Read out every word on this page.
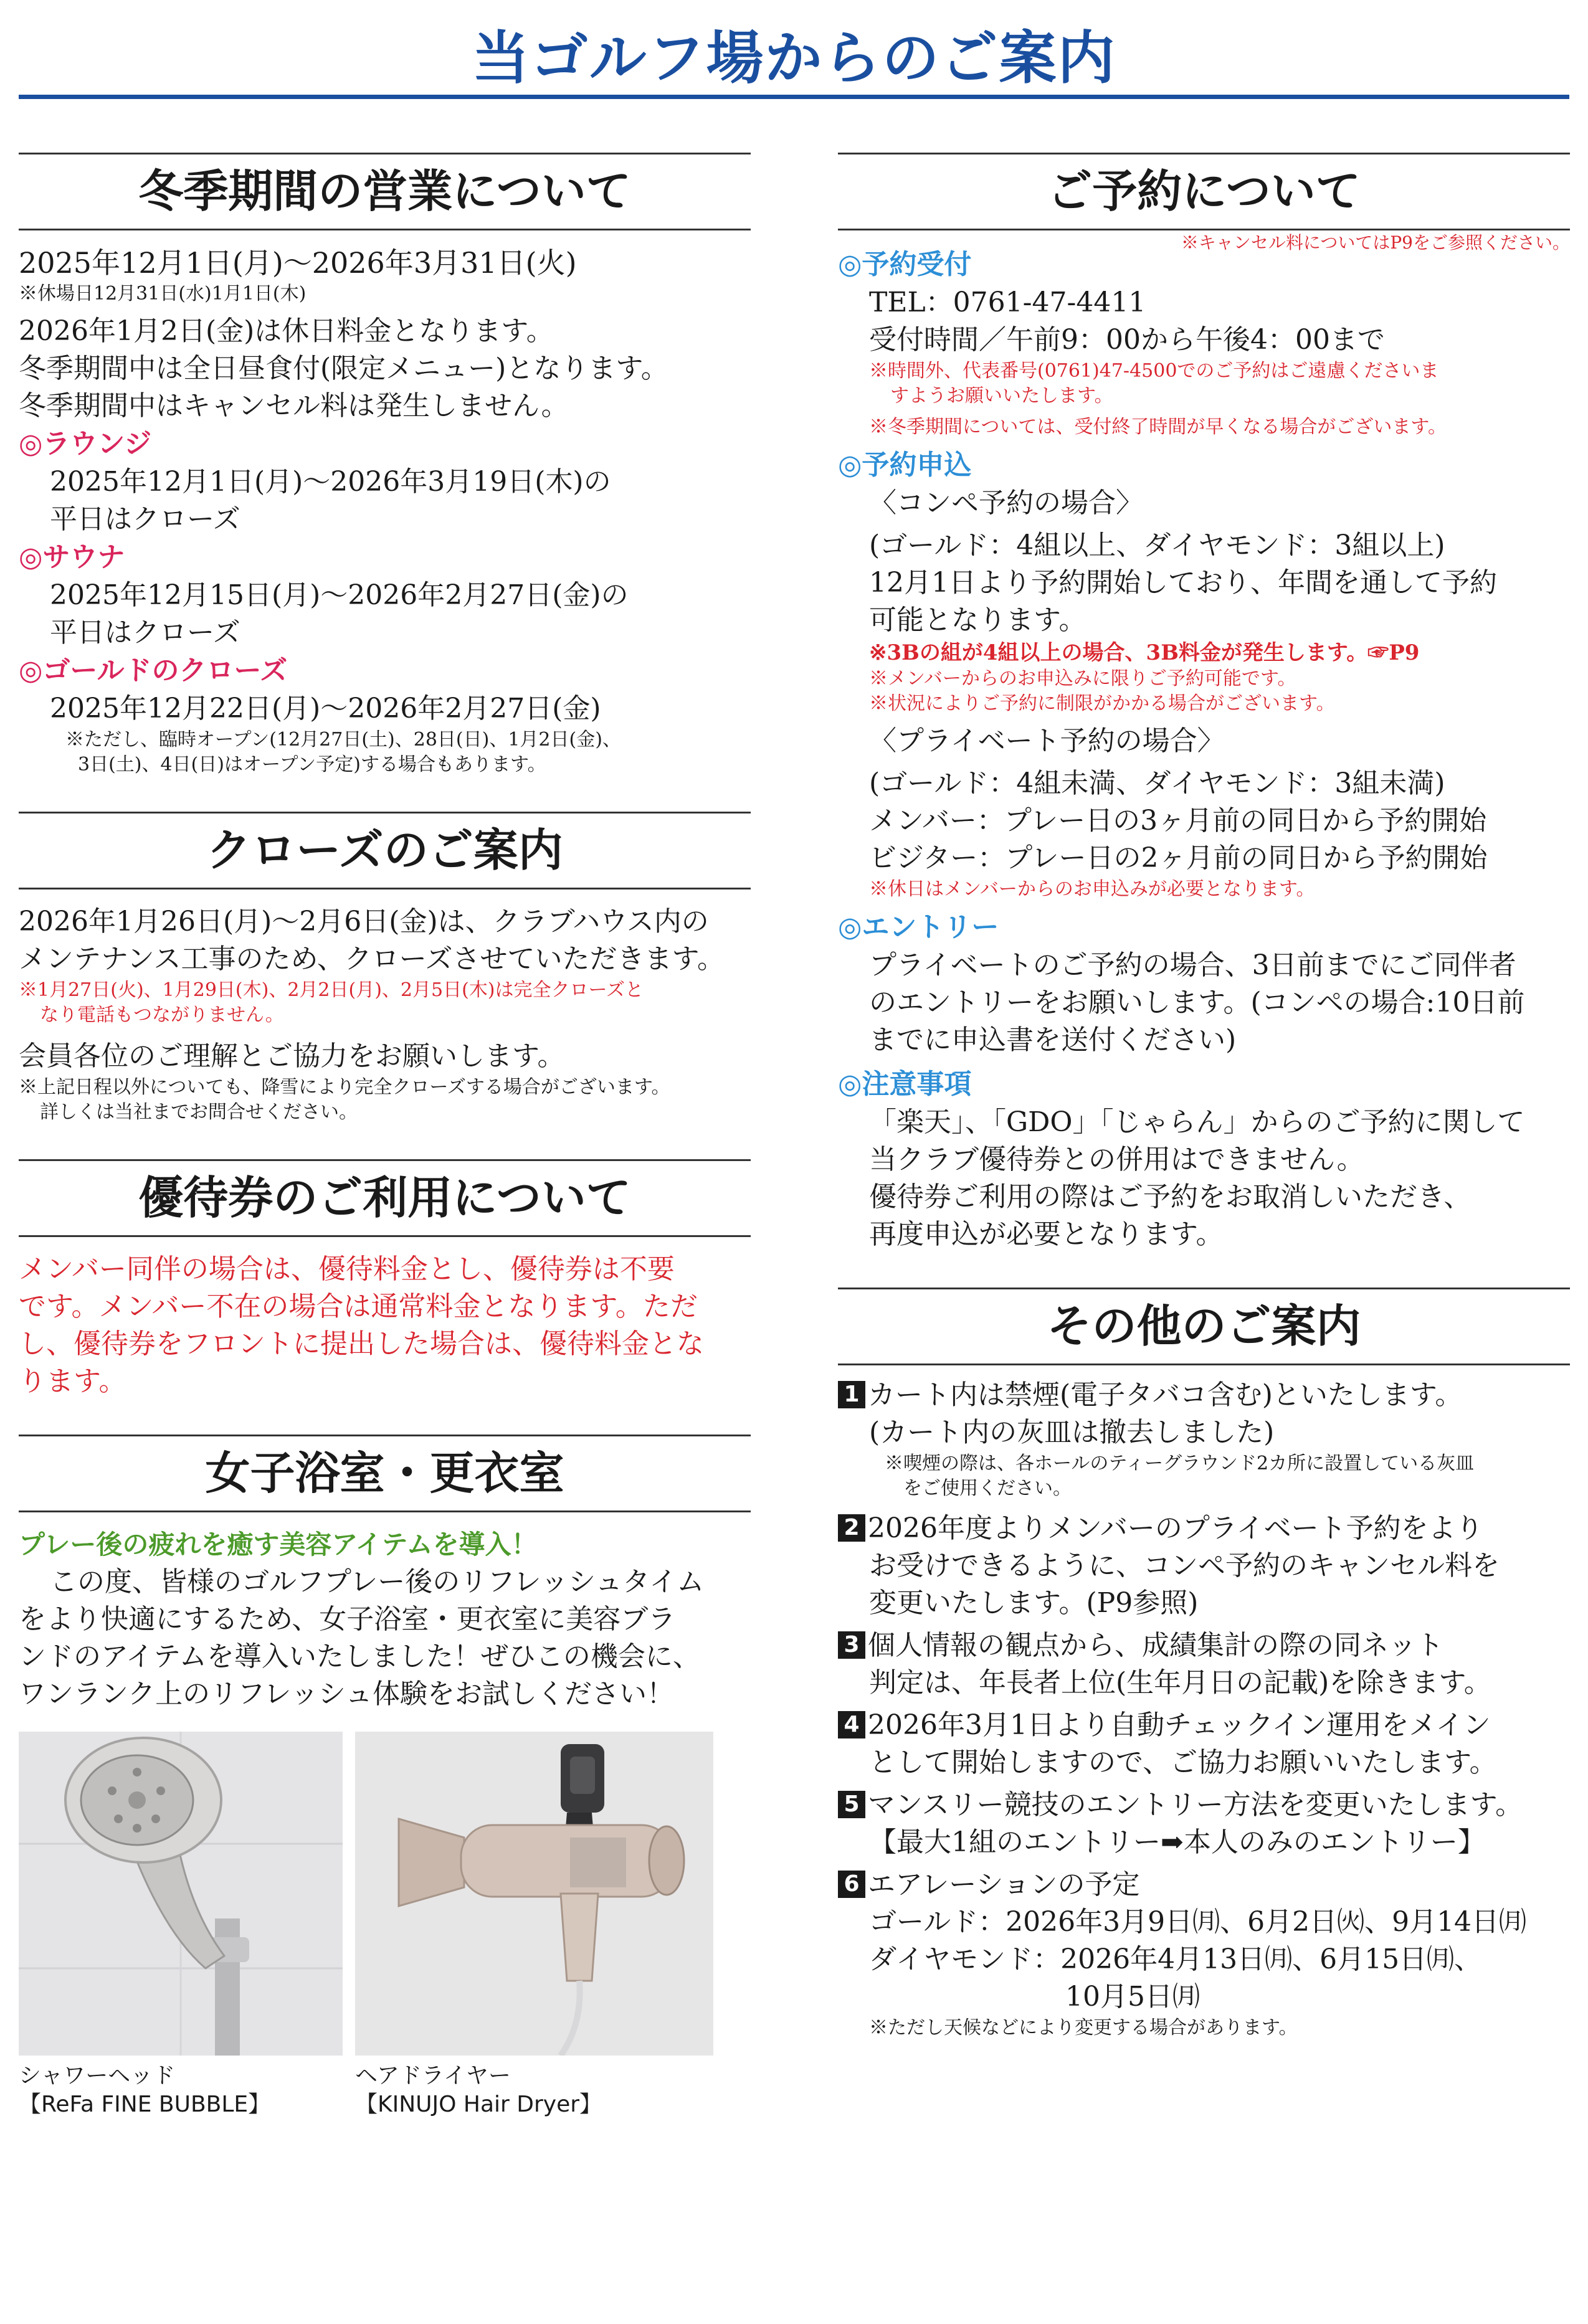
当ゴルフ場からのご案内
冬季期間の営業について
2025年12月1日(月)〜2026年3月31日(火)
※休場日12月31日(水)1月1日(木)
2026年1月2日(金)は休日料金となります。
冬季期間中は全日昼食付(限定メニュー)となります。
冬季期間中はキャンセル料は発生しません。
◎ラウンジ
2025年12月1日(月)〜2026年3月19日(木)の
平日はクローズ
◎サウナ
2025年12月15日(月)〜2026年2月27日(金)の
平日はクローズ
◎ゴールドのクローズ
2025年12月22日(月)〜2026年2月27日(金)
※ただし、臨時オープン(12月27日(土)、28日(日)、1月2日(金)、
3日(土)、4日(日)はオープン予定)する場合もあります。
クローズのご案内
2026年1月26日(月)〜2月6日(金)は、クラブハウス内の
メンテナンス工事のため、クローズさせていただきます。
※1月27日(火)、1月29日(木)、2月2日(月)、2月5日(木)は完全クローズと
なり電話もつながりません。
会員各位のご理解とご協力をお願いします。
※上記日程以外についても、降雪により完全クローズする場合がございます。
詳しくは当社までお問合せください。
優待券のご利用について
メンバー同伴の場合は、優待料金とし、優待券は不要
です。メンバー不在の場合は通常料金となります。ただ
し、優待券をフロントに提出した場合は、優待料金とな
ります。
女子浴室・更衣室
プレー後の疲れを癒す美容アイテムを導入！
この度、皆様のゴルフプレー後のリフレッシュタイム
をより快適にするため、女子浴室・更衣室に美容ブラ
ンドのアイテムを導入いたしました！ぜひこの機会に、
ワンランク上のリフレッシュ体験をお試しください！
シャワーヘッド
【ReFa FINE BUBBLE】
ヘアドライヤー
【KINUJO Hair Dryer】
ご予約について
※キャンセル料についてはP9をご参照ください。
◎予約受付
TEL：0761-47-4411
受付時間／午前9：00から午後4：00まで
※時間外、代表番号(0761)47-4500でのご予約はご遠慮くださいま
すようお願いいたします。
※冬季期間については、受付終了時間が早くなる場合がございます。
◎予約申込
〈コンペ予約の場合〉
(ゴールド：4組以上、ダイヤモンド：3組以上)
12月1日より予約開始しており、年間を通して予約
可能となります。
※3Bの組が4組以上の場合、3B料金が発生します。☞P9
※メンバーからのお申込みに限りご予約可能です。
※状況によりご予約に制限がかかる場合がございます。
〈プライベート予約の場合〉
(ゴールド：4組未満、ダイヤモンド：3組未満)
メンバー：プレー日の3ヶ月前の同日から予約開始
ビジター：プレー日の2ヶ月前の同日から予約開始
※休日はメンバーからのお申込みが必要となります。
◎エントリー
プライベートのご予約の場合、3日前までにご同伴者
のエントリーをお願いします。(コンペの場合:10日前
までに申込書を送付ください)
◎注意事項
「楽天」、「GDO」「じゃらん」からのご予約に関して
当クラブ優待券との併用はできません。
優待券ご利用の際はご予約をお取消しいただき、
再度申込が必要となります。
その他のご案内
1 カート内は禁煙(電子タバコ含む)といたします。
(カート内の灰皿は撤去しました)
※喫煙の際は、各ホールのティーグラウンド2カ所に設置している灰皿
をご使用ください。
2 2026年度よりメンバーのプライベート予約をより
お受けできるように、コンペ予約のキャンセル料を
変更いたします。(P9参照)
3 個人情報の観点から、成績集計の際の同ネット
判定は、年長者上位(生年月日の記載)を除きます。
4 2026年3月1日より自動チェックイン運用をメイン
として開始しますので、ご協力お願いいたします。
5 マンスリー競技のエントリー方法を変更いたします。
【最大1組のエントリー➡本人のみのエントリー】
6 エアレーションの予定
ゴールド：2026年3月9日㈪、6月2日㈫、9月14日㈪
ダイヤモンド：2026年4月13日㈪、6月15日㈪、
10月5日㈪
※ただし天候などにより変更する場合があります。
